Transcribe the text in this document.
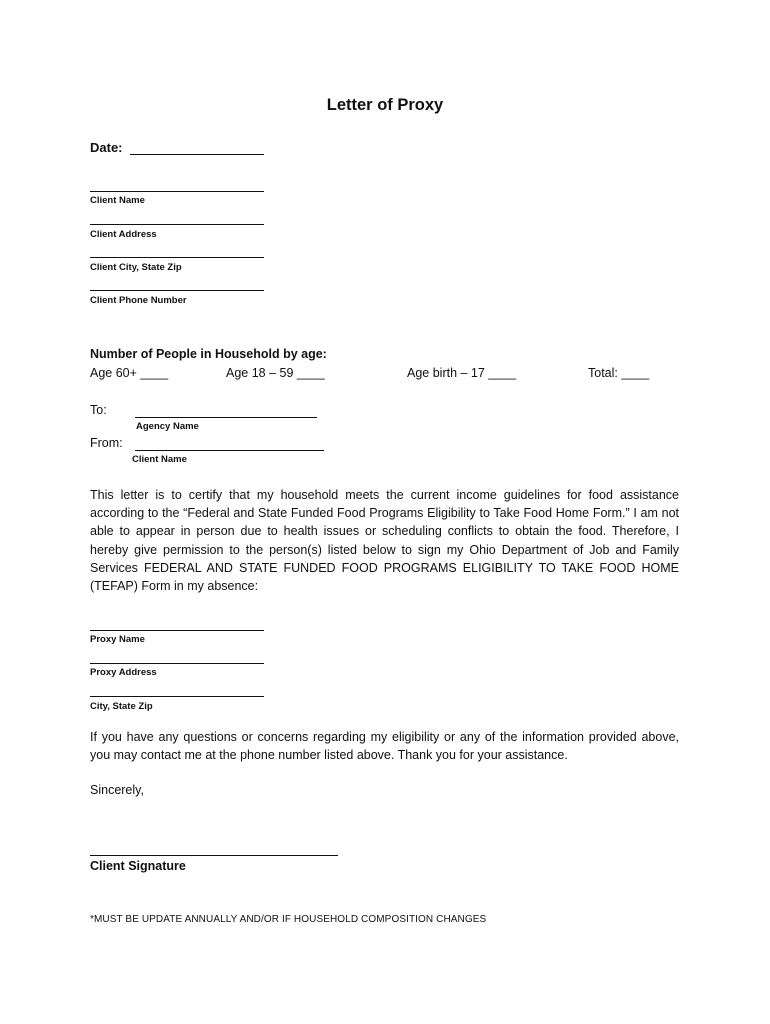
Letter of Proxy
Date:
Client Name
Client Address
Client City, State Zip
Client Phone Number
Number of People in Household by age:
Age 60+ ____	Age 18 – 59 ____	Age birth – 17 ____	Total: ____
To:
Agency Name
From:
Client Name
This letter is to certify that my household meets the current income guidelines for food assistance according to the “Federal and State Funded Food Programs Eligibility to Take Food Home Form.” I am not able to appear in person due to health issues or scheduling conflicts to obtain the food. Therefore, I hereby give permission to the person(s) listed below to sign my Ohio Department of Job and Family Services FEDERAL AND STATE FUNDED FOOD PROGRAMS ELIGIBILITY TO TAKE FOOD HOME (TEFAP) Form in my absence:
Proxy Name
Proxy Address
City, State Zip
If you have any questions or concerns regarding my eligibility or any of the information provided above, you may contact me at the phone number listed above. Thank you for your assistance.
Sincerely,
Client Signature
*MUST BE UPDATE ANNUALLY AND/OR IF HOUSEHOLD COMPOSITION CHANGES
